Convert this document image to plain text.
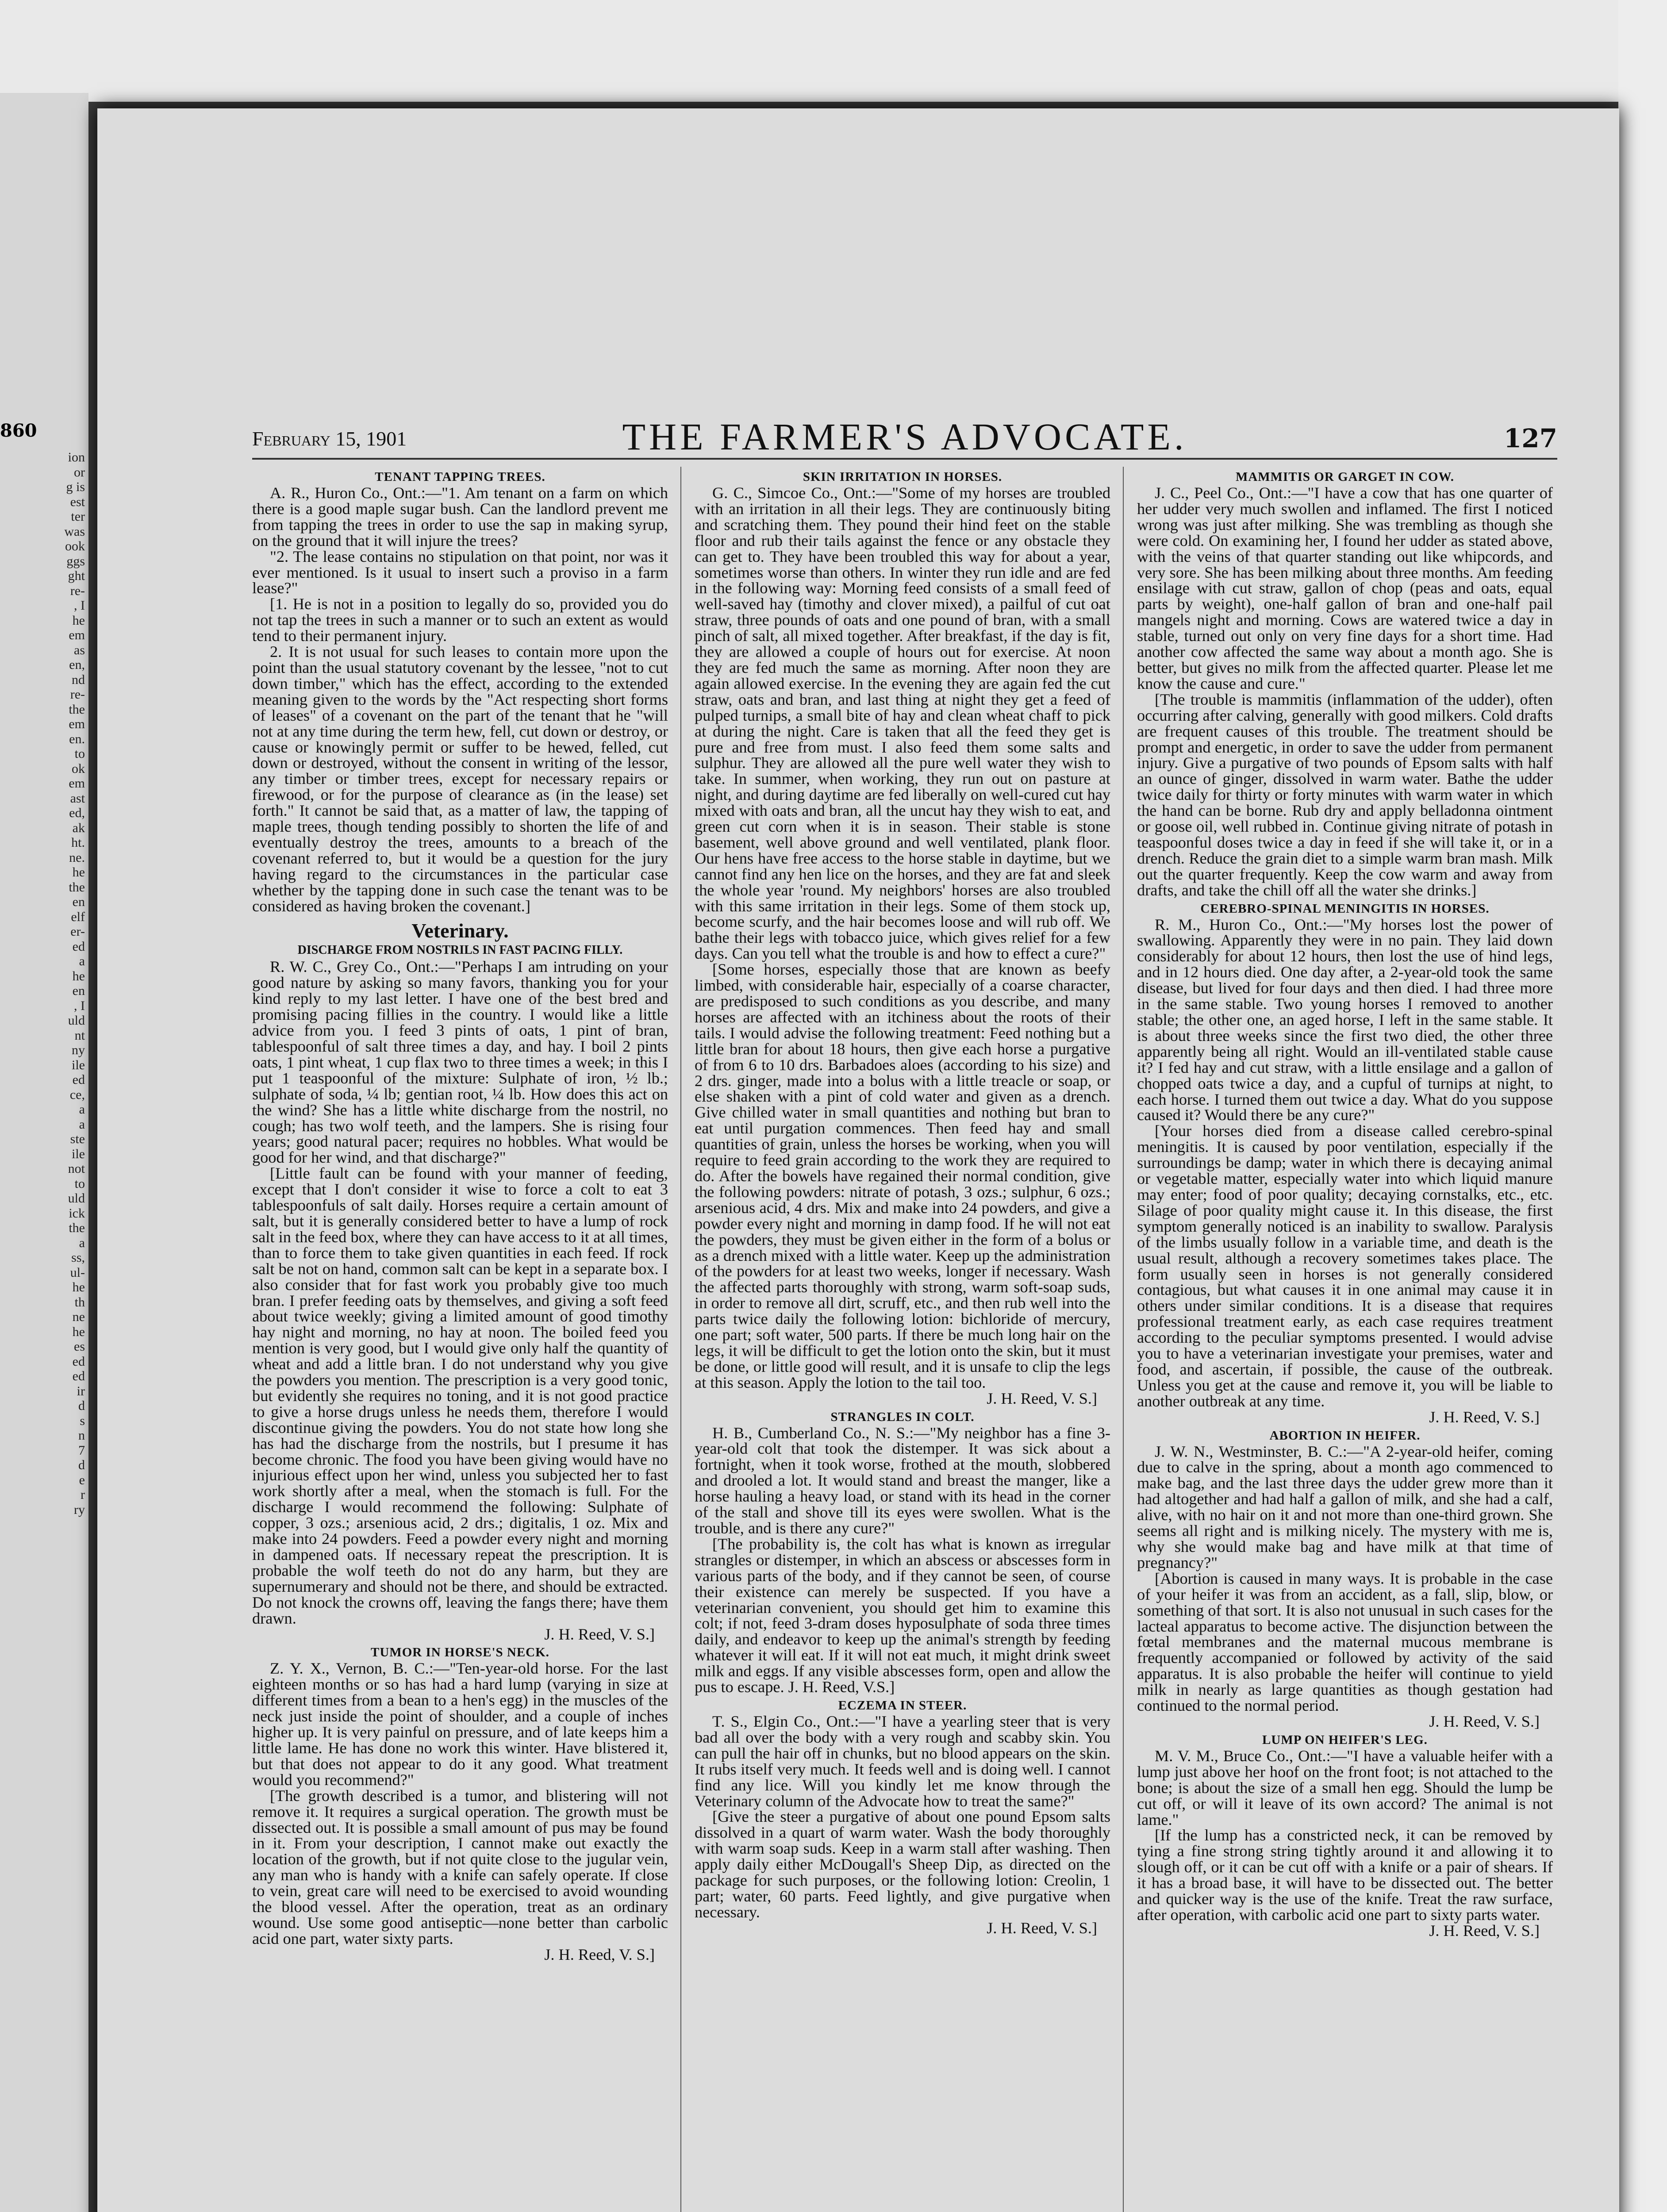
860
ion
or
g is
est
ter
was
ook
ggs
ght
re-
, I
he
em
as
en,
nd
re-
the
em
en.
to
ok
em
ast
ed,
ak
ht.
ne.
he
the
en
elf
er-
ed
a
he
en
, I
uld
nt
ny
ile
ed
ce,
a
a
ste
ile
not
to
uld
ick
the
a
ss,
ul-
he
th
ne
he
es
ed
ed
ir
d
s
n
7
d
e
r
ry
February 15, 1901	THE FARMER'S ADVOCATE.	127
TENANT TAPPING TREES.

A. R., Huron Co., Ont.:—"1. Am tenant on a farm on which there is a good maple sugar bush. Can the landlord prevent me from tapping the trees in order to use the sap in making syrup, on the ground that it will injure the trees?

"2. The lease contains no stipulation on that point, nor was it ever mentioned. Is it usual to insert such a proviso in a farm lease?"

[1. He is not in a position to legally do so, provided you do not tap the trees in such a manner or to such an extent as would tend to their permanent injury.

2. It is not usual for such leases to contain more upon the point than the usual statutory covenant by the lessee, "not to cut down timber," which has the effect, according to the extended meaning given to the words by the "Act respecting short forms of leases" of a covenant on the part of the tenant that he "will not at any time during the term hew, fell, cut down or destroy, or cause or knowingly permit or suffer to be hewed, felled, cut down or destroyed, without the consent in writing of the lessor, any timber or timber trees, except for necessary repairs or firewood, or for the purpose of clearance as (in the lease) set forth." It cannot be said that, as a matter of law, the tapping of maple trees, though tending possibly to shorten the life of and eventually destroy the trees, amounts to a breach of the covenant referred to, but it would be a question for the jury having regard to the circumstances in the particular case whether by the tapping done in such case the tenant was to be considered as having broken the covenant.]

Veterinary.
DISCHARGE FROM NOSTRILS IN FAST PACING FILLY.

R. W. C., Grey Co., Ont.:—"Perhaps I am intruding on your good nature by asking so many favors, thanking you for your kind reply to my last letter. I have one of the best bred and promising pacing fillies in the country. I would like a little advice from you. I feed 3 pints of oats, 1 pint of bran, tablespoonful of salt three times a day, and hay. I boil 2 pints oats, 1 pint wheat, 1 cup flax two to three times a week; in this I put 1 teaspoonful of the mixture: Sulphate of iron, ½ lb.; sulphate of soda, ¼ lb; gentian root, ¼ lb. How does this act on the wind? She has a little white discharge from the nostril, no cough; has two wolf teeth, and the lampers. She is rising four years; good natural pacer; requires no hobbles. What would be good for her wind, and that discharge?"

[Little fault can be found with your manner of feeding, except that I don't consider it wise to force a colt to eat 3 tablespoonfuls of salt daily. Horses require a certain amount of salt, but it is generally considered better to have a lump of rock salt in the feed box, where they can have access to it at all times, than to force them to take given quantities in each feed. If rock salt be not on hand, common salt can be kept in a separate box. I also consider that for fast work you probably give too much bran. I prefer feeding oats by themselves, and giving a soft feed about twice weekly; giving a limited amount of good timothy hay night and morning, no hay at noon. The boiled feed you mention is very good, but I would give only half the quantity of wheat and add a little bran. I do not understand why you give the powders you mention. The prescription is a very good tonic, but evidently she requires no toning, and it is not good practice to give a horse drugs unless he needs them, therefore I would discontinue giving the powders. You do not state how long she has had the discharge from the nostrils, but I presume it has become chronic. The food you have been giving would have no injurious effect upon her wind, unless you subjected her to fast work shortly after a meal, when the stomach is full. For the discharge I would recommend the following: Sulphate of copper, 3 ozs.; arsenious acid, 2 drs.; digitalis, 1 oz. Mix and make into 24 powders. Feed a powder every night and morning in dampened oats. If necessary repeat the prescription. It is probable the wolf teeth do not do any harm, but they are supernumerary and should not be there, and should be extracted. Do not knock the crowns off, leaving the fangs there; have them drawn.

J. H. Reed, V. S.]

TUMOR IN HORSE'S NECK.

Z. Y. X., Vernon, B. C.:—"Ten-year-old horse. For the last eighteen months or so has had a hard lump (varying in size at different times from a bean to a hen's egg) in the muscles of the neck just inside the point of shoulder, and a couple of inches higher up. It is very painful on pressure, and of late keeps him a little lame. He has done no work this winter. Have blistered it, but that does not appear to do it any good. What treatment would you recommend?"

[The growth described is a tumor, and blistering will not remove it. It requires a surgical operation. The growth must be dissected out. It is possible a small amount of pus may be found in it. From your description, I cannot make out exactly the location of the growth, but if not quite close to the jugular vein, any man who is handy with a knife can safely operate. If close to vein, great care will need to be exercised to avoid wounding the blood vessel. After the operation, treat as an ordinary wound. Use some good antiseptic—none better than carbolic acid one part, water sixty parts.

J. H. Reed, V. S.]

SKIN IRRITATION IN HORSES.

G. C., Simcoe Co., Ont.:—"Some of my horses are troubled with an irritation in all their legs. They are continuously biting and scratching them. They pound their hind feet on the stable floor and rub their tails against the fence or any obstacle they can get to. They have been troubled this way for about a year, sometimes worse than others. In winter they run idle and are fed in the following way: Morning feed consists of a small feed of well-saved hay (timothy and clover mixed), a pailful of cut oat straw, three pounds of oats and one pound of bran, with a small pinch of salt, all mixed together. After breakfast, if the day is fit, they are allowed a couple of hours out for exercise. At noon they are fed much the same as morning. After noon they are again allowed exercise. In the evening they are again fed the cut straw, oats and bran, and last thing at night they get a feed of pulped turnips, a small bite of hay and clean wheat chaff to pick at during the night. Care is taken that all the feed they get is pure and free from must. I also feed them some salts and sulphur. They are allowed all the pure well water they wish to take. In summer, when working, they run out on pasture at night, and during daytime are fed liberally on well-cured cut hay mixed with oats and bran, all the uncut hay they wish to eat, and green cut corn when it is in season. Their stable is stone basement, well above ground and well ventilated, plank floor. Our hens have free access to the horse stable in daytime, but we cannot find any hen lice on the horses, and they are fat and sleek the whole year 'round. My neighbors' horses are also troubled with this same irritation in their legs. Some of them stock up, become scurfy, and the hair becomes loose and will rub off. We bathe their legs with tobacco juice, which gives relief for a few days. Can you tell what the trouble is and how to effect a cure?"

[Some horses, especially those that are known as beefy limbed, with considerable hair, especially of a coarse character, are predisposed to such conditions as you describe, and many horses are affected with an itchiness about the roots of their tails. I would advise the following treatment: Feed nothing but a little bran for about 18 hours, then give each horse a purgative of from 6 to 10 drs. Barbadoes aloes (according to his size) and 2 drs. ginger, made into a bolus with a little treacle or soap, or else shaken with a pint of cold water and given as a drench. Give chilled water in small quantities and nothing but bran to eat until purgation commences. Then feed hay and small quantities of grain, unless the horses be working, when you will require to feed grain according to the work they are required to do. After the bowels have regained their normal condition, give the following powders: nitrate of potash, 3 ozs.; sulphur, 6 ozs.; arsenious acid, 4 drs. Mix and make into 24 powders, and give a powder every night and morning in damp food. If he will not eat the powders, they must be given either in the form of a bolus or as a drench mixed with a little water. Keep up the administration of the powders for at least two weeks, longer if necessary. Wash the affected parts thoroughly with strong, warm soft-soap suds, in order to remove all dirt, scruff, etc., and then rub well into the parts twice daily the following lotion: bichloride of mercury, one part; soft water, 500 parts. If there be much long hair on the legs, it will be difficult to get the lotion onto the skin, but it must be done, or little good will result, and it is unsafe to clip the legs at this season. Apply the lotion to the tail too.

J. H. Reed, V. S.]

STRANGLES IN COLT.

H. B., Cumberland Co., N. S.:—"My neighbor has a fine 3-year-old colt that took the distemper. It was sick about a fortnight, when it took worse, frothed at the mouth, slobbered and drooled a lot. It would stand and breast the manger, like a horse hauling a heavy load, or stand with its head in the corner of the stall and shove till its eyes were swollen. What is the trouble, and is there any cure?"

[The probability is, the colt has what is known as irregular strangles or distemper, in which an abscess or abscesses form in various parts of the body, and if they cannot be seen, of course their existence can merely be suspected. If you have a veterinarian convenient, you should get him to examine this colt; if not, feed 3-dram doses hyposulphate of soda three times daily, and endeavor to keep up the animal's strength by feeding whatever it will eat. If it will not eat much, it might drink sweet milk and eggs. If any visible abscesses form, open and allow the pus to escape. J. H. Reed, V.S.]

ECZEMA IN STEER.

T. S., Elgin Co., Ont.:—"I have a yearling steer that is very bad all over the body with a very rough and scabby skin. You can pull the hair off in chunks, but no blood appears on the skin. It rubs itself very much. It feeds well and is doing well. I cannot find any lice. Will you kindly let me know through the Veterinary column of the Advocate how to treat the same?"

[Give the steer a purgative of about one pound Epsom salts dissolved in a quart of warm water. Wash the body thoroughly with warm soap suds. Keep in a warm stall after washing. Then apply daily either McDougall's Sheep Dip, as directed on the package for such purposes, or the following lotion: Creolin, 1 part; water, 60 parts. Feed lightly, and give purgative when necessary.

J. H. Reed, V. S.]

MAMMITIS OR GARGET IN COW.

J. C., Peel Co., Ont.:—"I have a cow that has one quarter of her udder very much swollen and inflamed. The first I noticed wrong was just after milking. She was trembling as though she were cold. On examining her, I found her udder as stated above, with the veins of that quarter standing out like whipcords, and very sore. She has been milking about three months. Am feeding ensilage with cut straw, gallon of chop (peas and oats, equal parts by weight), one-half gallon of bran and one-half pail mangels night and morning. Cows are watered twice a day in stable, turned out only on very fine days for a short time. Had another cow affected the same way about a month ago. She is better, but gives no milk from the affected quarter. Please let me know the cause and cure."

[The trouble is mammitis (inflammation of the udder), often occurring after calving, generally with good milkers. Cold drafts are frequent causes of this trouble. The treatment should be prompt and energetic, in order to save the udder from permanent injury. Give a purgative of two pounds of Epsom salts with half an ounce of ginger, dissolved in warm water. Bathe the udder twice daily for thirty or forty minutes with warm water in which the hand can be borne. Rub dry and apply belladonna ointment or goose oil, well rubbed in. Continue giving nitrate of potash in teaspoonful doses twice a day in feed if she will take it, or in a drench. Reduce the grain diet to a simple warm bran mash. Milk out the quarter frequently. Keep the cow warm and away from drafts, and take the chill off all the water she drinks.]

CEREBRO-SPINAL MENINGITIS IN HORSES.

R. M., Huron Co., Ont.:—"My horses lost the power of swallowing. Apparently they were in no pain. They laid down considerably for about 12 hours, then lost the use of hind legs, and in 12 hours died. One day after, a 2-year-old took the same disease, but lived for four days and then died. I had three more in the same stable. Two young horses I removed to another stable; the other one, an aged horse, I left in the same stable. It is about three weeks since the first two died, the other three apparently being all right. Would an ill-ventilated stable cause it? I fed hay and cut straw, with a little ensilage and a gallon of chopped oats twice a day, and a cupful of turnips at night, to each horse. I turned them out twice a day. What do you suppose caused it? Would there be any cure?"

[Your horses died from a disease called cerebro-spinal meningitis. It is caused by poor ventilation, especially if the surroundings be damp; water in which there is decaying animal or vegetable matter, especially water into which liquid manure may enter; food of poor quality; decaying cornstalks, etc., etc. Silage of poor quality might cause it. In this disease, the first symptom generally noticed is an inability to swallow. Paralysis of the limbs usually follow in a variable time, and death is the usual result, although a recovery sometimes takes place. The form usually seen in horses is not generally considered contagious, but what causes it in one animal may cause it in others under similar conditions. It is a disease that requires professional treatment early, as each case requires treatment according to the peculiar symptoms presented. I would advise you to have a veterinarian investigate your premises, water and food, and ascertain, if possible, the cause of the outbreak. Unless you get at the cause and remove it, you will be liable to another outbreak at any time.

J. H. Reed, V. S.]

ABORTION IN HEIFER.

J. W. N., Westminster, B. C.:—"A 2-year-old heifer, coming due to calve in the spring, about a month ago commenced to make bag, and the last three days the udder grew more than it had altogether and had half a gallon of milk, and she had a calf, alive, with no hair on it and not more than one-third grown. She seems all right and is milking nicely. The mystery with me is, why she would make bag and have milk at that time of pregnancy?"

[Abortion is caused in many ways. It is probable in the case of your heifer it was from an accident, as a fall, slip, blow, or something of that sort. It is also not unusual in such cases for the lacteal apparatus to become active. The disjunction between the fœtal membranes and the maternal mucous membrane is frequently accompanied or followed by activity of the said apparatus. It is also probable the heifer will continue to yield milk in nearly as large quantities as though gestation had continued to the normal period.

J. H. Reed, V. S.]

LUMP ON HEIFER'S LEG.

M. V. M., Bruce Co., Ont.:—"I have a valuable heifer with a lump just above her hoof on the front foot; is not attached to the bone; is about the size of a small hen egg. Should the lump be cut off, or will it leave of its own accord? The animal is not lame."

[If the lump has a constricted neck, it can be removed by tying a fine strong string tightly around it and allowing it to slough off, or it can be cut off with a knife or a pair of shears. If it has a broad base, it will have to be dissected out. The better and quicker way is the use of the knife. Treat the raw surface, after operation, with carbolic acid one part to sixty parts water.

J. H. Reed, V. S.]
